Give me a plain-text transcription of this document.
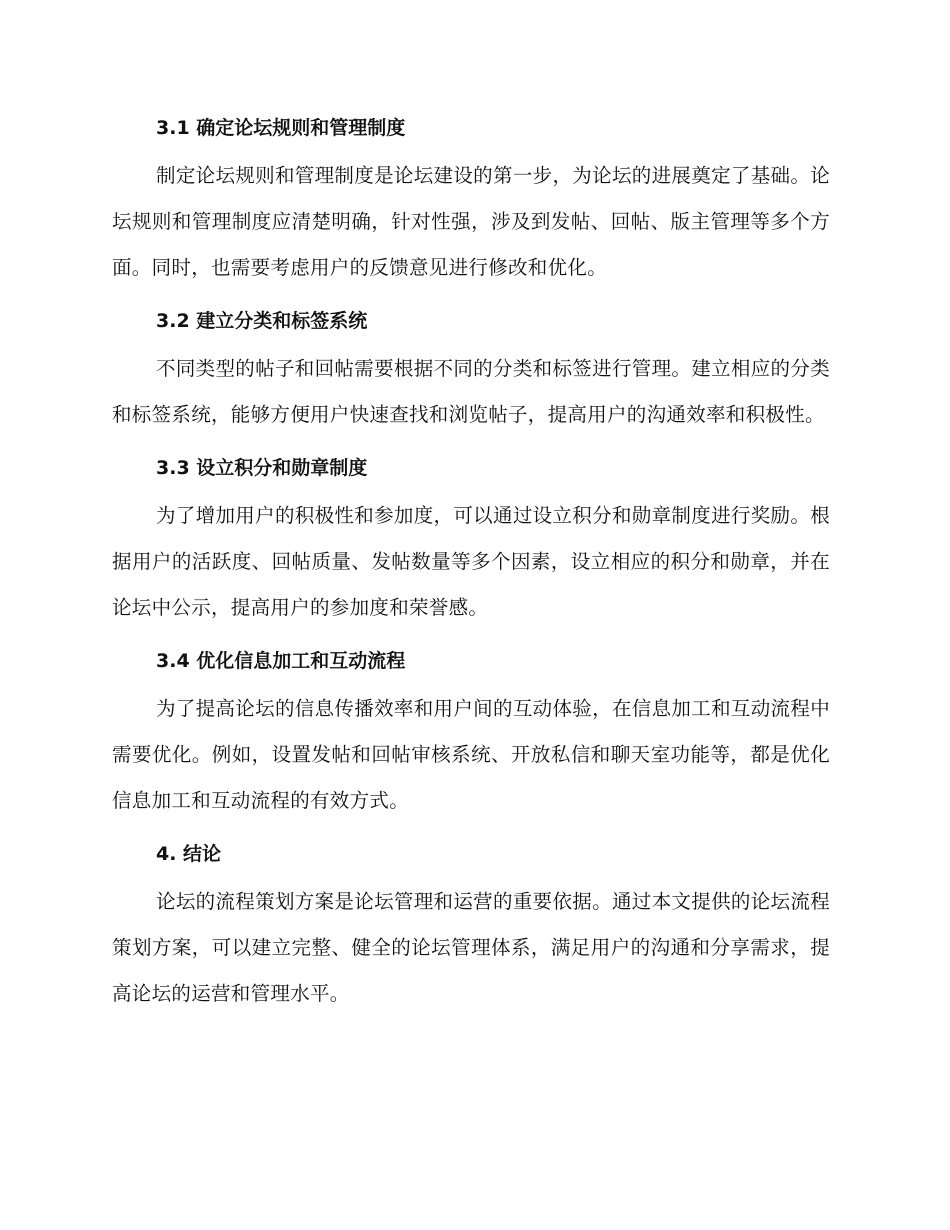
3.1 确定论坛规则和管理制度

制定论坛规则和管理制度是论坛建设的第一步，为论坛的进展奠定了基础。论坛规则和管理制度应清楚明确，针对性强，涉及到发帖、回帖、版主管理等多个方面。同时，也需要考虑用户的反馈意见进行修改和优化。

3.2 建立分类和标签系统

不同类型的帖子和回帖需要根据不同的分类和标签进行管理。建立相应的分类和标签系统，能够方便用户快速查找和浏览帖子，提高用户的沟通效率和积极性。

3.3 设立积分和勋章制度

为了增加用户的积极性和参加度，可以通过设立积分和勋章制度进行奖励。根据用户的活跃度、回帖质量、发帖数量等多个因素，设立相应的积分和勋章，并在论坛中公示，提高用户的参加度和荣誉感。

3.4 优化信息加工和互动流程

为了提高论坛的信息传播效率和用户间的互动体验，在信息加工和互动流程中需要优化。例如，设置发帖和回帖审核系统、开放私信和聊天室功能等，都是优化信息加工和互动流程的有效方式。

4. 结论

论坛的流程策划方案是论坛管理和运营的重要依据。通过本文提供的论坛流程策划方案，可以建立完整、健全的论坛管理体系，满足用户的沟通和分享需求，提高论坛的运营和管理水平。
